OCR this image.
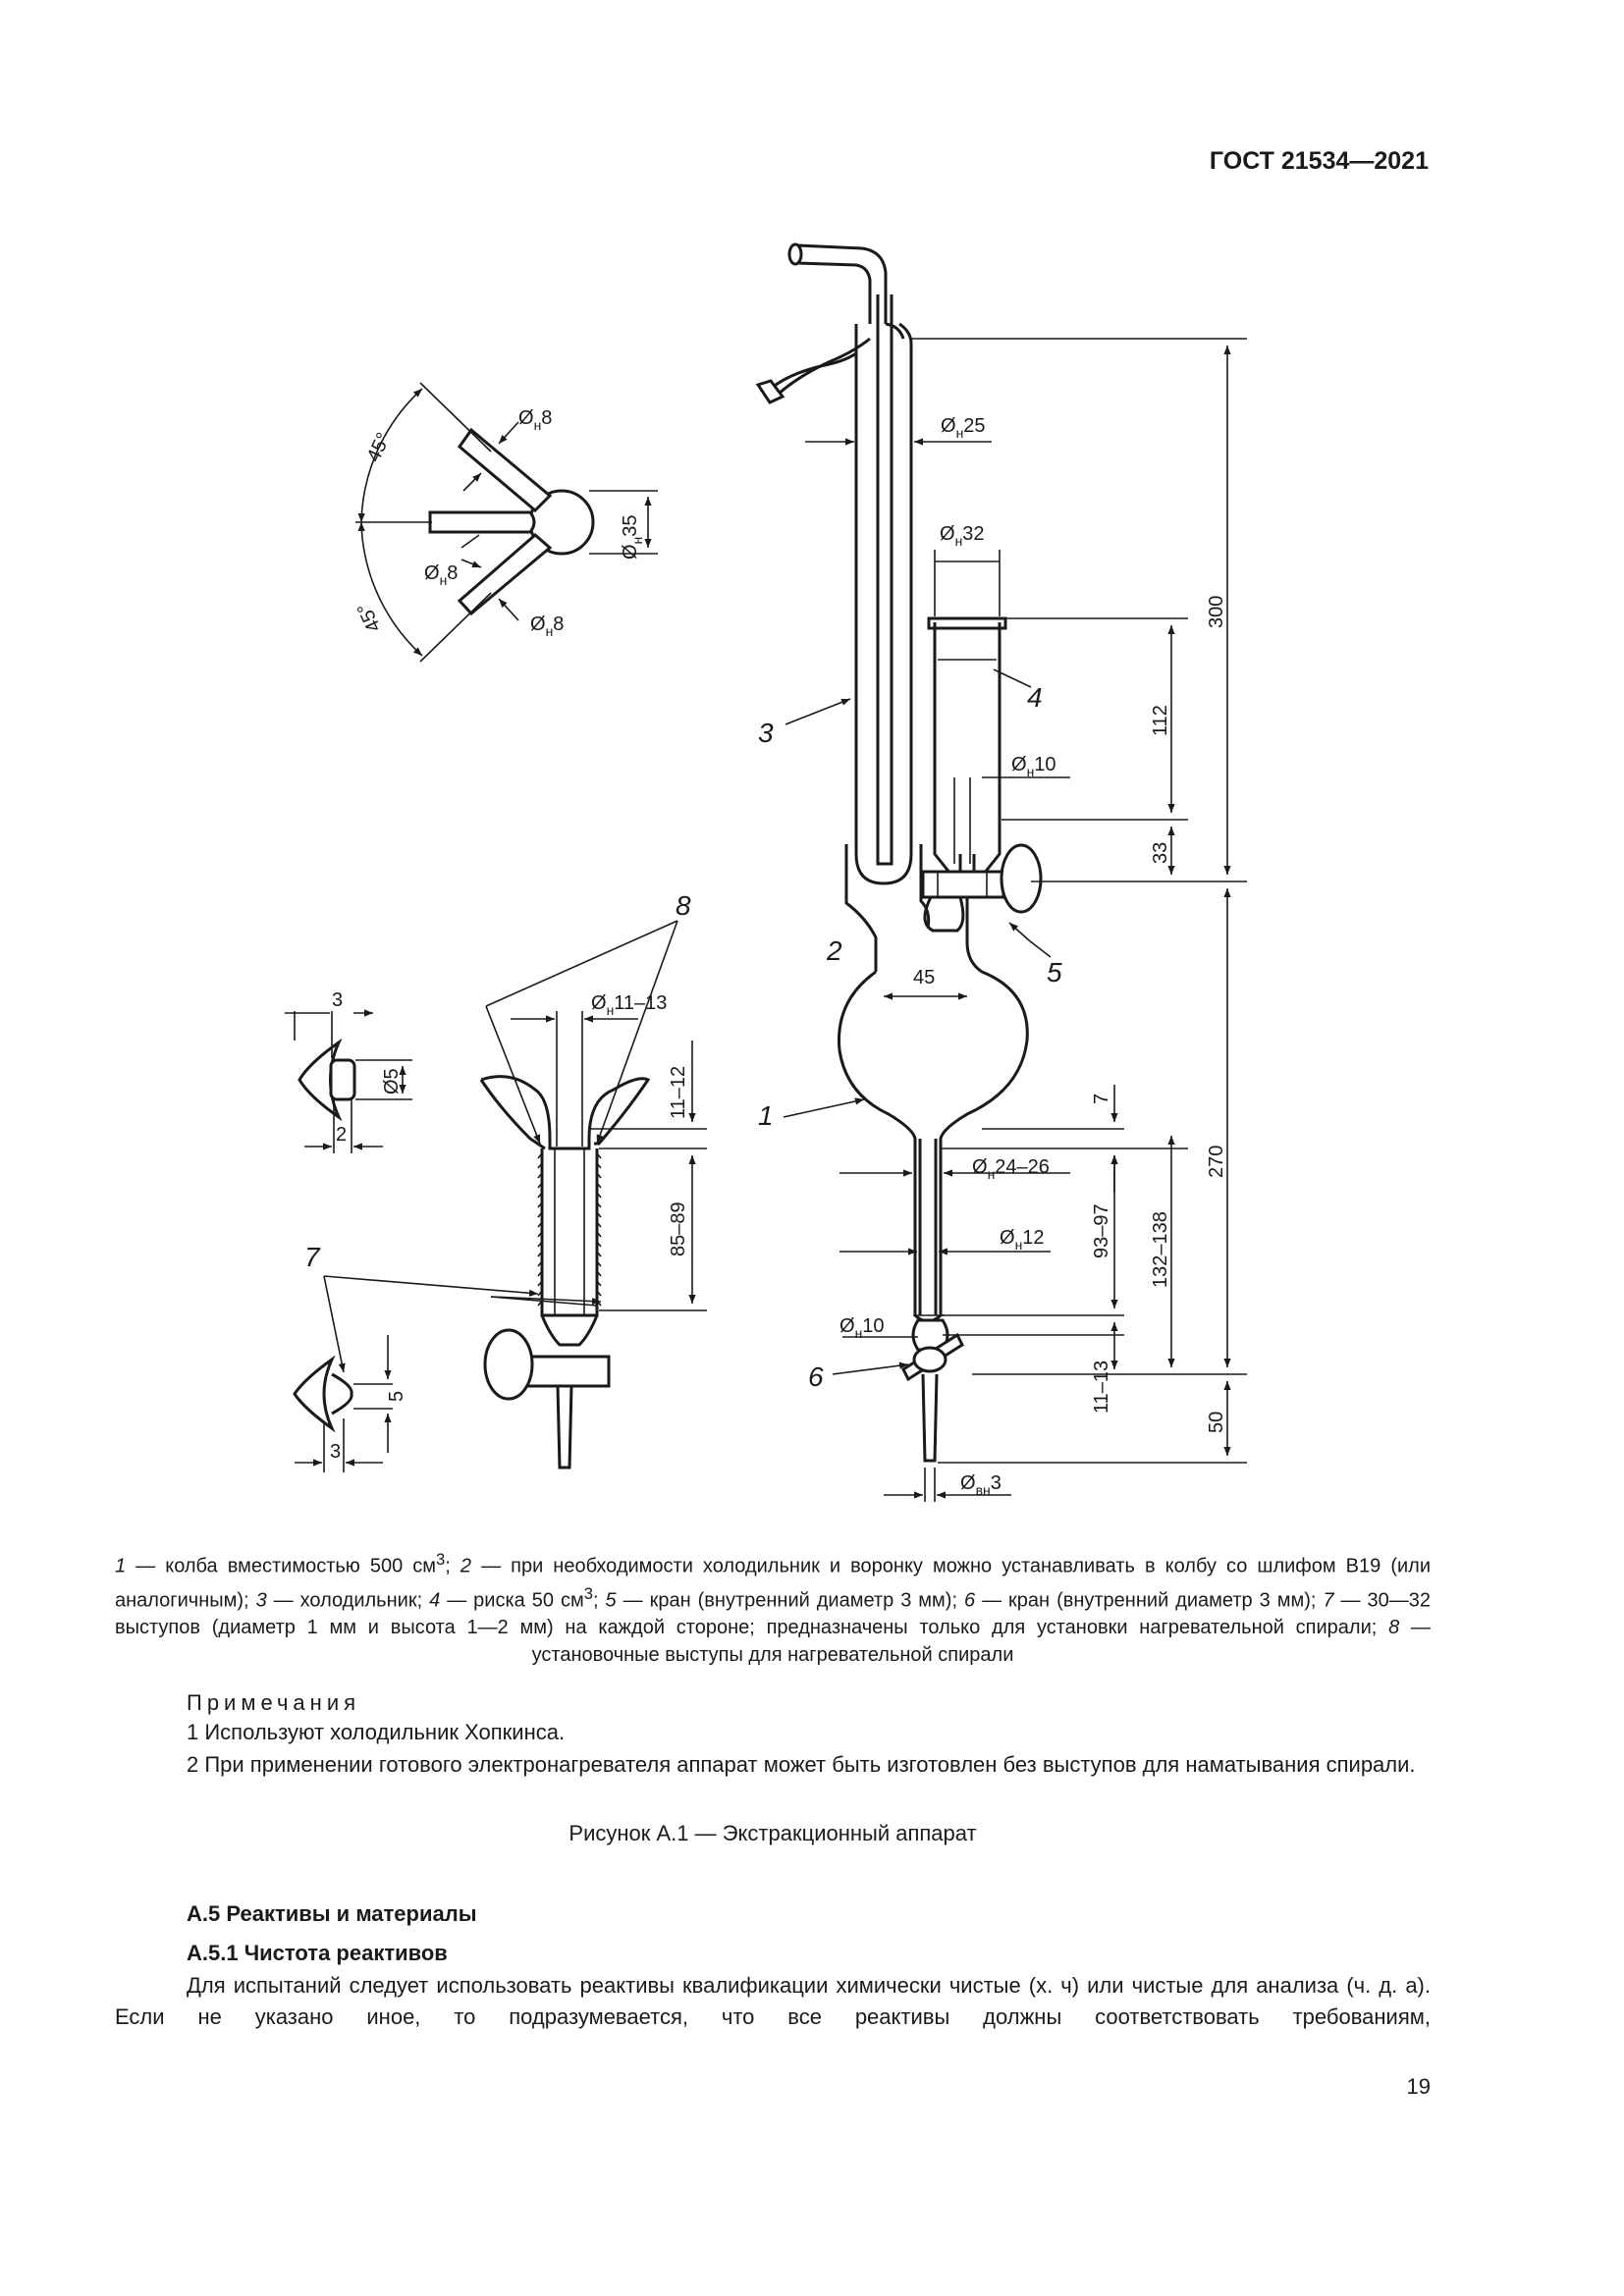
ГОСТ 21534—2021
$Ø_н25$
$Ø_н32$
$Ø_н10$
$Ø_н24-26$
$Ø_н12$
$Ø_н10$
$Ø_{вн}3$
$Ø_н11-13$
$Ø_н8$
$Ø_н8$
$Ø_н8$
$Ø_н35$
45°
45°	300
112
33
45
270
7
93–97 132–138
11–13
50
11–12
85–89
3
2
Ø5
5
3
1
2
3
4
5
6
7
8
1 — колба вместимостью 500 $см^3$; 2 — при необходимости холодильник и воронку можно устанавливать в колбу со шлифом В19 (или аналогичным); 3 — холодильник; 4 — риска 50 $см^3$; 5 — кран (внутренний диаметр 3 мм); 6 — кран (внутренний диаметр 3 мм); 7 — 30—32 выступов (диаметр 1 мм и высота 1—2 мм) на каждой стороне; предназначены только для установки нагревательной спирали; 8 — установочные выступы для нагревательной спирали
Примечания
1 Используют холодильник Хопкинса.
2 При применении готового электронагревателя аппарат может быть изготовлен без выступов для наматывания спирали.
Рисунок А.1 — Экстракционный аппарат
А.5 Реактивы и материалы
А.5.1 Чистота реактивов
Для испытаний следует использовать реактивы квалификации химически чистые (х. ч) или чистые для анализа (ч. д. а). Если не указано иное, то подразумевается, что все реактивы должны соответствовать требованиям,
19
